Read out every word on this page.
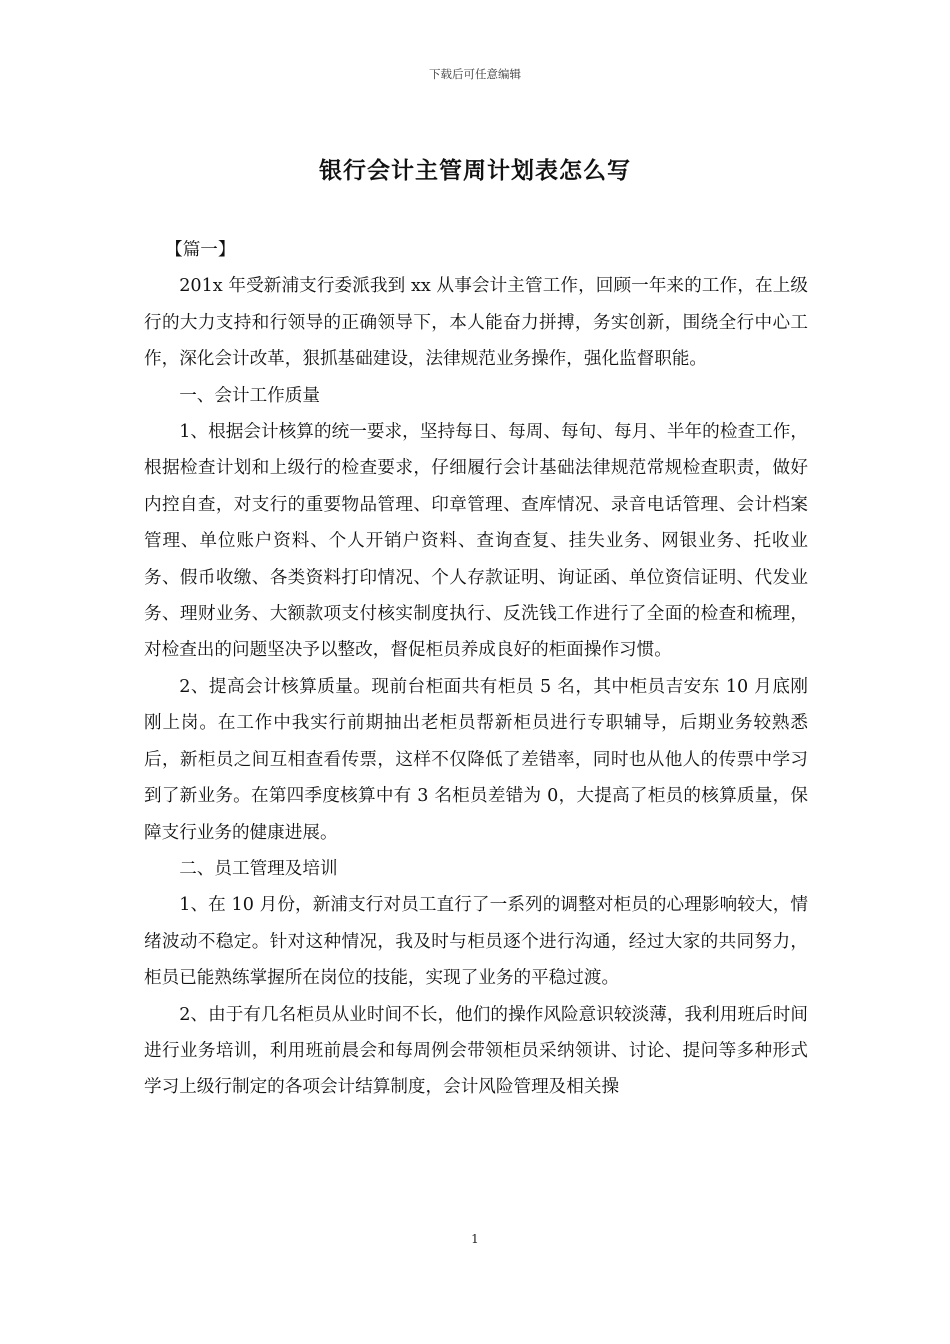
下载后可任意编辑
银行会计主管周计划表怎么写

【篇一】

201x 年受新浦支行委派我到 xx 从事会计主管工作，回顾一年来的工作，在上级行的大力支持和行领导的正确领导下，本人能奋力拼搏，务实创新，围绕全行中心工作，深化会计改革，狠抓基础建设，法律规范业务操作，强化监督职能。

一、会计工作质量

1、根据会计核算的统一要求，坚持每日、每周、每旬、每月、半年的检查工作，根据检查计划和上级行的检查要求，仔细履行会计基础法律规范常规检查职责，做好内控自查，对支行的重要物品管理、印章管理、查库情况、录音电话管理、会计档案管理、单位账户资料、个人开销户资料、查询查复、挂失业务、网银业务、托收业务、假币收缴、各类资料打印情况、个人存款证明、询证函、单位资信证明、代发业务、理财业务、大额款项支付核实制度执行、反洗钱工作进行了全面的检查和梳理，对检查出的问题坚决予以整改，督促柜员养成良好的柜面操作习惯。

2、提高会计核算质量。现前台柜面共有柜员 5 名，其中柜员吉安东 10 月底刚刚上岗。在工作中我实行前期抽出老柜员帮新柜员进行专职辅导，后期业务较熟悉后，新柜员之间互相查看传票，这样不仅降低了差错率，同时也从他人的传票中学习到了新业务。在第四季度核算中有 3 名柜员差错为 0，大提高了柜员的核算质量，保障支行业务的健康进展。

二、员工管理及培训

1、在 10 月份，新浦支行对员工直行了一系列的调整对柜员的心理影响较大，情绪波动不稳定。针对这种情况，我及时与柜员逐个进行沟通，经过大家的共同努力，柜员已能熟练掌握所在岗位的技能，实现了业务的平稳过渡。

2、由于有几名柜员从业时间不长，他们的操作风险意识较淡薄，我利用班后时间进行业务培训，利用班前晨会和每周例会带领柜员采纳领讲、讨论、提问等多种形式学习上级行制定的各项会计结算制度，会计风险管理及相关操

1
